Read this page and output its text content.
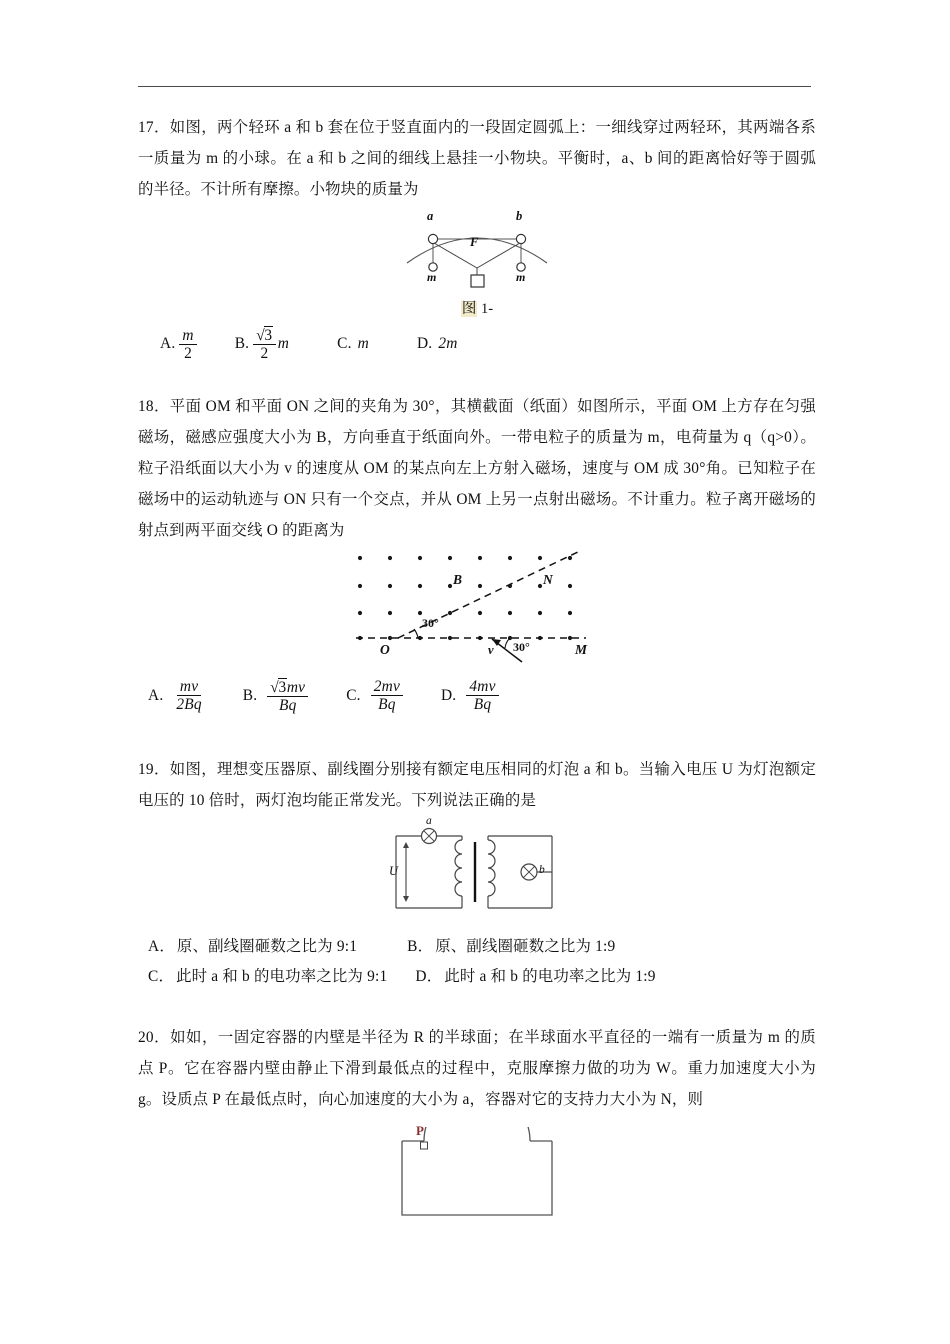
17．如图，两个轻环 a 和 b 套在位于竖直面内的一段固定圆弧上：一细线穿过两轻环，其两端各系一质量为 m 的小球。在 a 和 b 之间的细线上悬挂一小物块。平衡时，a、b 间的距离恰好等于圆弧的半径。不计所有摩擦。小物块的质量为
a	b
F
m	m
图 1-
A. $\frac{m}{2} B$. √ $\frac{3}{2}$ m	C. m	D. 2m
18．平面 OM 和平面 ON 之间的夹角为 30°，其横截面（纸面）如图所示，平面 OM 上方存在匀强磁场，磁感应强度大小为 B，方向垂直于纸面向外。一带电粒子的质量为 m，电荷量为 q（q>0）。粒子沿纸面以大小为 v 的速度从 OM 的某点向左上方射入磁场，速度与 OM 成 30°角。已知粒子在磁场中的运动轨迹与 ON 只有一个交点，并从 OM 上另一点射出磁场。不计重力。粒子离开磁场的射点到两平面交线 O 的距离为
B	N
O	M
v
30°
30°
A. $\frac{mv}{2Bq} B$. √ $\frac{3mv}{Bq} C$. $\frac{2mv}{Bq} D$. $\frac{4mv}{Bq}$
19．如图，理想变压器原、副线圈分别接有额定电压相同的灯泡 a 和 b。当输入电压 U 为灯泡额定电压的 10 倍时，两灯泡均能正常发光。下列说法正确的是
a
b
U
A． 原、副线圈砸数之比为 9:1	B． 原、副线圈砸数之比为 1:9
C． 此时 a 和 b 的电功率之比为 9:1 D． 此时 a 和 b 的电功率之比为 1:9
20．如如，一固定容器的内壁是半径为 R 的半球面；在半球面水平直径的一端有一质量为 m 的质点 P。它在容器内壁由静止下滑到最低点的过程中，克服摩擦力做的功为 W。重力加速度大小为 g。设质点 P 在最低点时，向心加速度的大小为 a，容器对它的支持力大小为 N，则
P
